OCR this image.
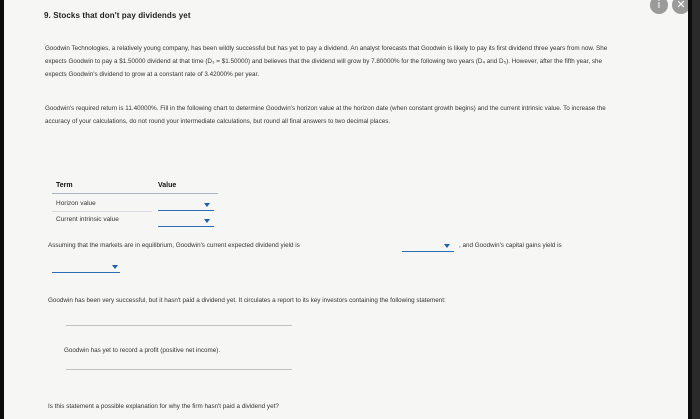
9. Stocks that don't pay dividends yet
Goodwin Technologies, a relatively young company, has been wildly successful but has yet to pay a dividend. An analyst forecasts that Goodwin is likely to pay its first dividend three years from now. She expects Goodwin to pay a $1.50000 dividend at that time (D₃ = $1.50000) and believes that the dividend will grow by 7.80000% for the following two years (D₄ and D₅). However, after the fifth year, she expects Goodwin's dividend to grow at a constant rate of 3.42000% per year.
Goodwin's required return is 11.40000%. Fill in the following chart to determine Goodwin's horizon value at the horizon date (when constant growth begins) and the current intrinsic value. To increase the accuracy of your calculations, do not round your intermediate calculations, but round all final answers to two decimal places.
Term	Value
Horizon value
Current intrinsic value
Assuming that the markets are in equilibrium, Goodwin's current expected dividend yield is	, and Goodwin's capital gains yield is
Goodwin has been very successful, but it hasn't paid a dividend yet. It circulates a report to its key investors containing the following statement:
Goodwin has yet to record a profit (positive net income).
Is this statement a possible explanation for why the firm hasn't paid a dividend yet?
i	✕
